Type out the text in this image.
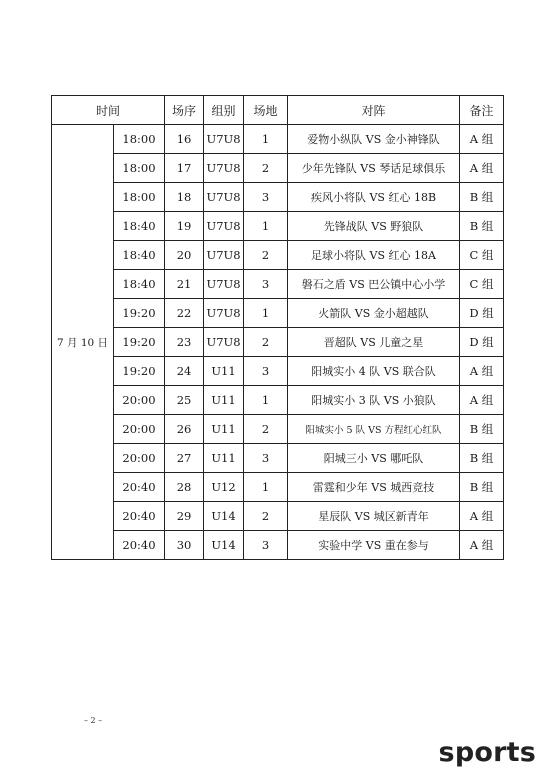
时间		场序	组别	场地	对阵	备注
7 月 10 日	18:00	16	U7U8	1	爱物小纵队 VS 金小神锋队	A 组
	18:00	17	U7U8	2	少年先锋队 VS 琴话足球俱乐	A 组
	18:00	18	U7U8	3	疾风小将队 VS 红心 18B	B 组
	18:40	19	U7U8	1	先锋战队 VS 野狼队	B 组
	18:40	20	U7U8	2	足球小将队 VS 红心 18A	C 组
	18:40	21	U7U8	3	磐石之盾 VS 巴公镇中心小学	C 组
	19:20	22	U7U8	1	火箭队 VS 金小超越队	D 组
	19:20	23	U7U8	2	晋超队 VS 儿童之星	D 组
	19:20	24	U11	3	阳城实小 4 队 VS 联合队	A 组
	20:00	25	U11	1	阳城实小 3 队 VS 小狼队	A 组
	20:00	26	U11	2	阳城实小 5 队 VS 方程红心红队	B 组
	20:00	27	U11	3	阳城三小 VS 哪吒队	B 组
	20:40	28	U12	1	雷霆和少年 VS 城西竞技	B 组
	20:40	29	U14	2	星辰队 VS 城区新青年	A 组
	20:40	30	U14	3	实验中学 VS 重在参与	A 组
– 2 –
sports
